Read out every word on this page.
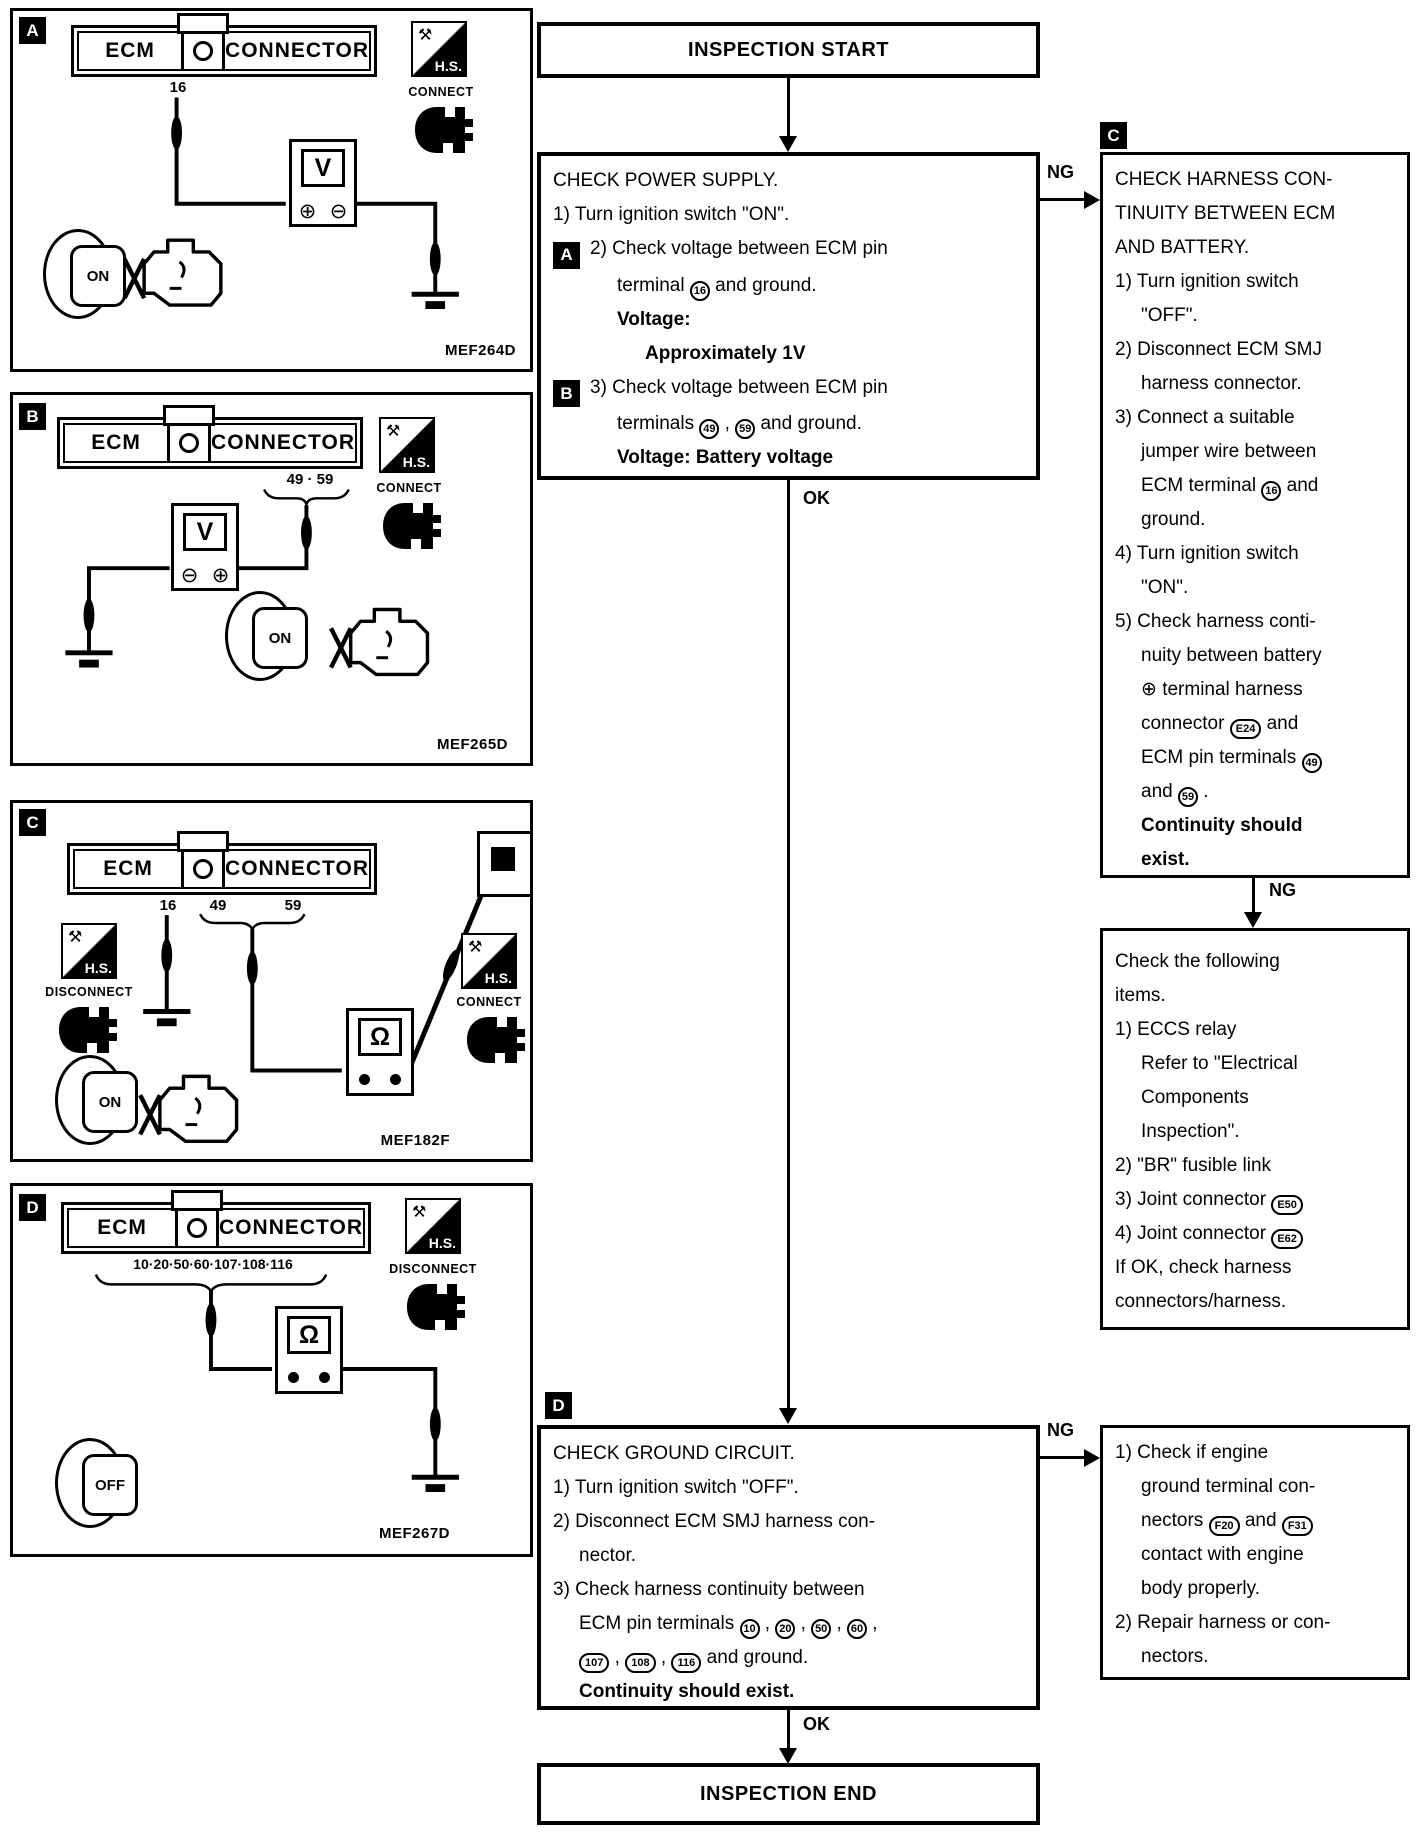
A
ECM	CONNECTOR
16
V
⊕ ⊖
⚒
H.S.
CONNECT
ON
MEF264D
B
ECM	CONNECTOR
49 · 59
V
⊖ ⊕
⚒
H.S.
CONNECT
ON
MEF265D
C
ECM	CONNECTOR
16	49	59
Ω
⚒
H.S.
DISCONNECT
⚒
H.S.
CONNECT
ON
MEF182F
D
ECM	CONNECTOR
10·20·50·60·107·108·116
Ω
⚒
H.S.
DISCONNECT
OFF
MEF267D
INSPECTION START
CHECK POWER SUPPLY.
1) Turn ignition switch "ON".
A 2) Check voltage between ECM pin
terminal 16 and ground.
Voltage:
Approximately 1V
B 3) Check voltage between ECM pin
terminals 49 , 59 and ground.
Voltage: Battery voltage
NG
C
CHECK HARNESS CON-
TINUITY BETWEEN ECM
AND BATTERY.
1) Turn ignition switch
"OFF".
2) Disconnect ECM SMJ
harness connector.
3) Connect a suitable
jumper wire between
ECM terminal 16 and
ground.
4) Turn ignition switch
"ON".
5) Check harness conti-
nuity between battery
⊕ terminal harness
connector E24 and
ECM pin terminals 49
and 59 .
Continuity should
exist.
NG
Check the following
items.
1) ECCS relay
Refer to "Electrical
Components
Inspection".
2) "BR" fusible link
3) Joint connector E50
4) Joint connector E62
If OK, check harness
connectors/harness.
OK
D
CHECK GROUND CIRCUIT.
1) Turn ignition switch "OFF".
2) Disconnect ECM SMJ harness con-
nector.
3) Check harness continuity between
ECM pin terminals 10 , 20 , 50 , 60 ,
107 , 108 , 116 and ground.
Continuity should exist.
NG
1) Check if engine
ground terminal con-
nectors F20 and F31
contact with engine
body properly.
2) Repair harness or con-
nectors.
OK
INSPECTION END
